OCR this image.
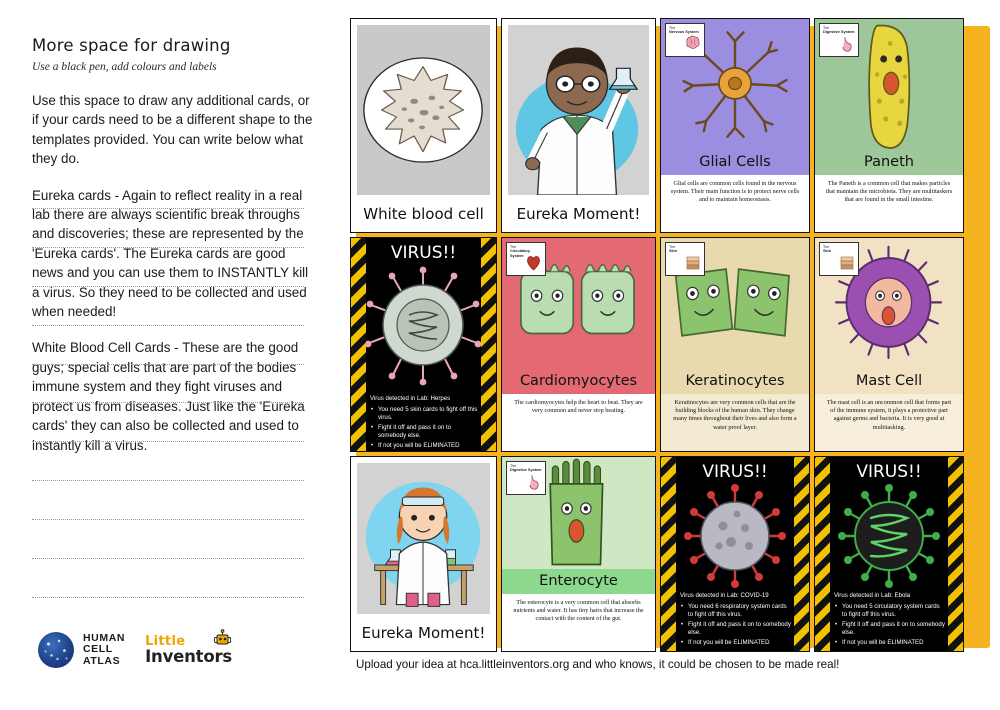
More space for drawing
Use a black pen, add colours and labels

Use this space to draw any additional cards, or if your cards need to be a different shape to the templates provided. You can write below what they do.

Eureka cards - Again to reflect reality in a real lab there are always scientific break throughs and discoveries; these are represented by the 'Eureka cards'. The Eureka cards are good news and you can use them to INSTANTLY kill a virus. So they need to be collected and used when needed!

White Blood Cell Cards - These are the good guys; special cells that are part of the bodies immune system and they fight viruses and protect us from diseases. Just like the 'Eureka cards' they can also be collected and used to instantly kill a virus.

HUMAN
CELL
ATLAS
Little
Inventors
White blood cell	Eureka Moment!
The
Nervous System
Glial Cells
Glial cells are common cells found in the nervous system. Their main function is to protect nerve cells and to maintain homeostasis.
The
Digestive System
Paneth
The Paneth is a common cell that makes particles that maintain the microbiota. They are multitaskers that are found in the small intestine.
VIRUS!!
Virus detected in Lab: Herpes
• You need 5 skin cards to fight off this virus.
• Fight it off and pass it on to somebody else.
• If not you will be ELIMINATED
The
Circulatory System
Cardiomyocytes
The cardiomyocytes help the heart to beat. They are very common and never stop beating.
The
Skin
Keratinocytes
Keratinocytes are very common cells that are the building blocks of the human skin. They change many times throughout their lives and also form a water proof layer.
The
Skin
Mast Cell
The mast cell is an uncommon cell that forms part of the immune system, it plays a protective part against germs and bacteria. It is very good at multitasking.
Eureka Moment!
The
Digestive System
Enterocyte
The enterocyte is a very common cell that absorbs nutrients and water. It has tiny hairs that increase the contact with the content of the gut.
VIRUS!!
Virus detected in Lab: COVID-19
• You need 6 respiratory system cards to fight off this virus.
• Fight it off and pass it on to somebody else.
• If not you will be ELIMINATED
VIRUS!!
Virus detected in Lab: Ebola
• You need 5 circulatory system cards to fight off this virus.
• Fight it off and pass it on to somebody else.
• If not you will be ELIMINATED
Upload your idea at hca.littleinventors.org and who knows, it could be chosen to be made real!
